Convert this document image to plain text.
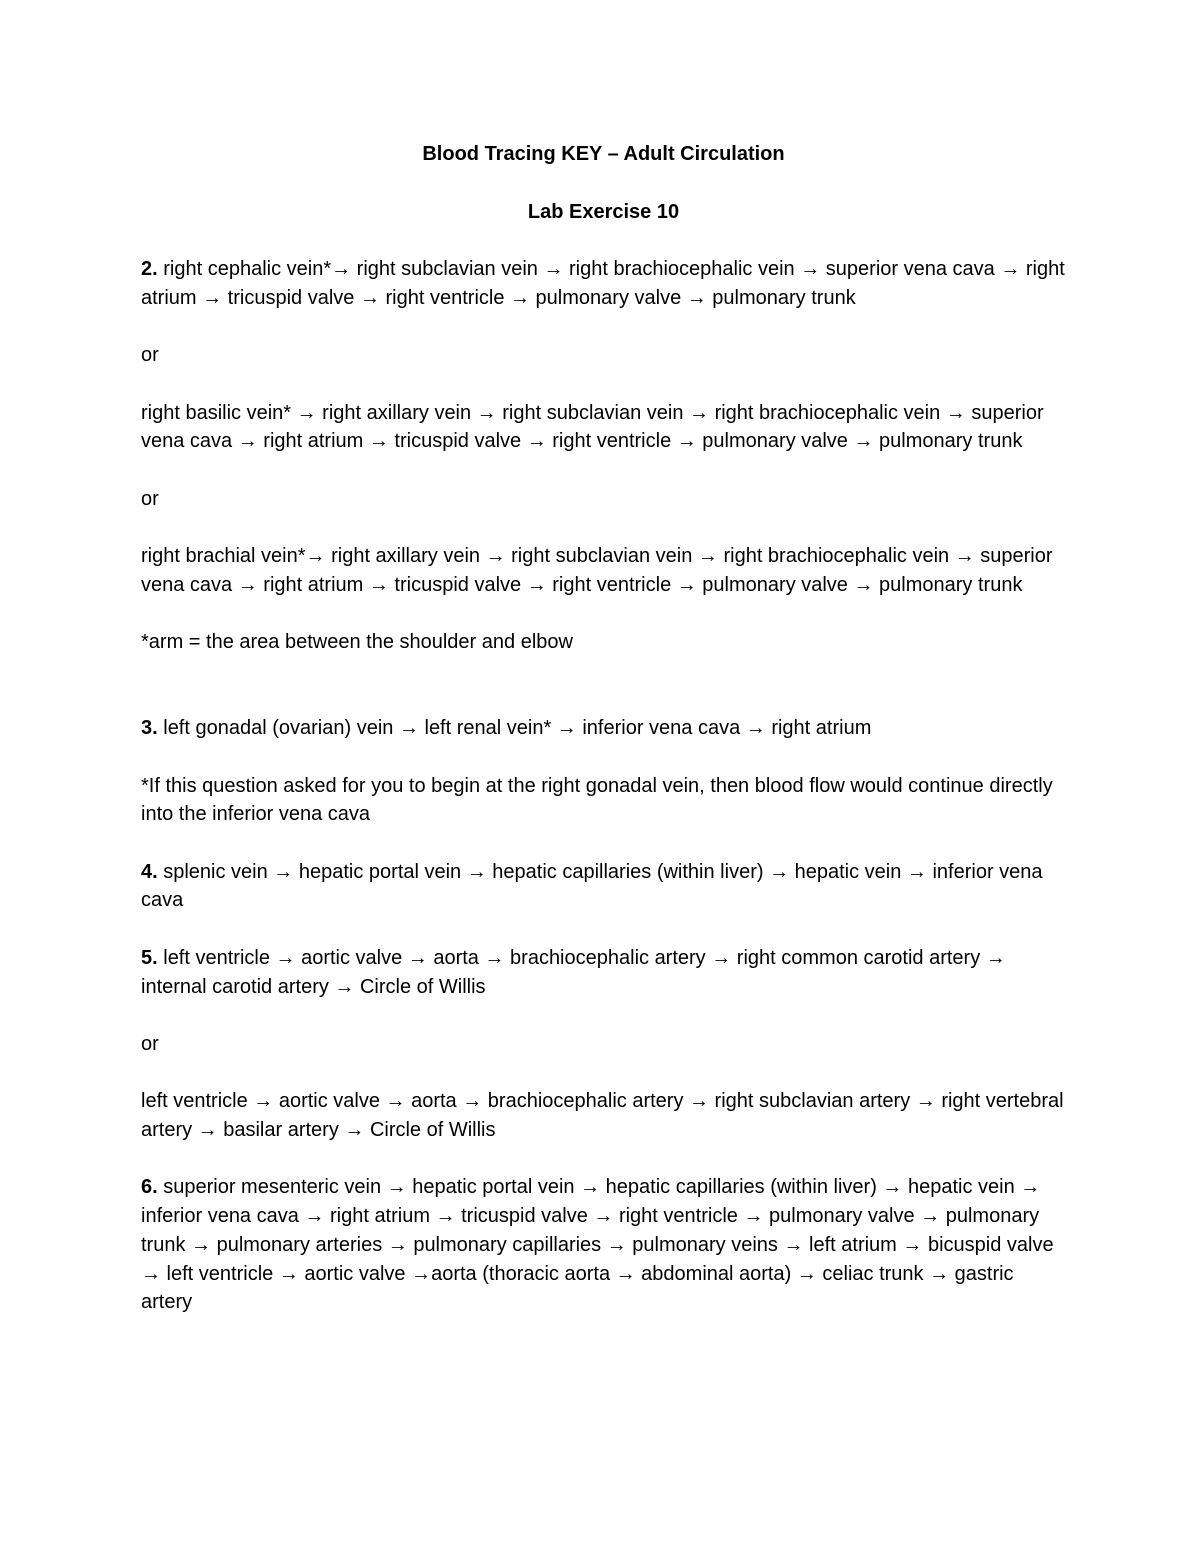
Blood Tracing KEY – Adult Circulation

Lab Exercise 10

2. right cephalic vein*→ right subclavian vein → right brachiocephalic vein → superior vena cava → right atrium → tricuspid valve → right ventricle → pulmonary valve → pulmonary trunk

or

right basilic vein* → right axillary vein → right subclavian vein → right brachiocephalic vein → superior vena cava → right atrium → tricuspid valve → right ventricle → pulmonary valve → pulmonary trunk

or

right brachial vein*→ right axillary vein → right subclavian vein → right brachiocephalic vein → superior vena cava → right atrium → tricuspid valve → right ventricle → pulmonary valve → pulmonary trunk

*arm = the area between the shoulder and elbow

3. left gonadal (ovarian) vein → left renal vein* → inferior vena cava → right atrium

*If this question asked for you to begin at the right gonadal vein, then blood flow would continue directly into the inferior vena cava

4. splenic vein → hepatic portal vein → hepatic capillaries (within liver) → hepatic vein → inferior vena cava

5. left ventricle → aortic valve → aorta → brachiocephalic artery → right common carotid artery → internal carotid artery → Circle of Willis

or

left ventricle → aortic valve → aorta → brachiocephalic artery → right subclavian artery → right vertebral artery → basilar artery → Circle of Willis

6. superior mesenteric vein → hepatic portal vein → hepatic capillaries (within liver) → hepatic vein → inferior vena cava → right atrium → tricuspid valve → right ventricle → pulmonary valve → pulmonary trunk → pulmonary arteries → pulmonary capillaries → pulmonary veins → left atrium → bicuspid valve → left ventricle → aortic valve →aorta (thoracic aorta → abdominal aorta) → celiac trunk → gastric artery
